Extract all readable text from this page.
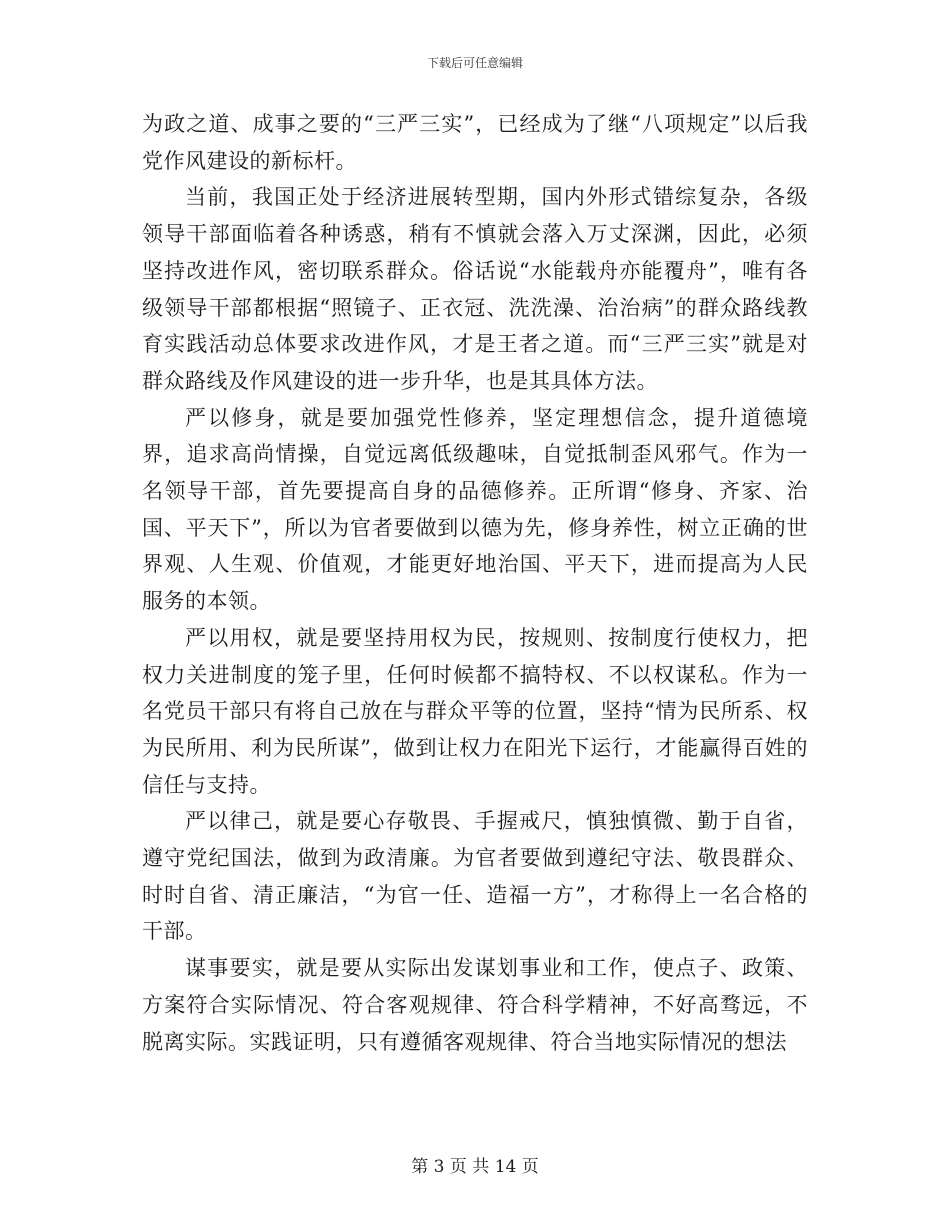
下载后可任意编辑

为政之道、成事之要的“三严三实”，已经成为了继“八项规定”以后我党作风建设的新标杆。

当前，我国正处于经济进展转型期，国内外形式错综复杂，各级领导干部面临着各种诱惑，稍有不慎就会落入万丈深渊，因此，必须坚持改进作风，密切联系群众。俗话说“水能载舟亦能覆舟”，唯有各级领导干部都根据“照镜子、正衣冠、洗洗澡、治治病”的群众路线教育实践活动总体要求改进作风，才是王者之道。而“三严三实”就是对群众路线及作风建设的进一步升华，也是其具体方法。

严以修身，就是要加强党性修养，坚定理想信念，提升道德境界，追求高尚情操，自觉远离低级趣味，自觉抵制歪风邪气。作为一名领导干部，首先要提高自身的品德修养。正所谓“修身、齐家、治国、平天下”，所以为官者要做到以德为先，修身养性，树立正确的世界观、人生观、价值观，才能更好地治国、平天下，进而提高为人民服务的本领。

严以用权，就是要坚持用权为民，按规则、按制度行使权力，把权力关进制度的笼子里，任何时候都不搞特权、不以权谋私。作为一名党员干部只有将自己放在与群众平等的位置，坚持“情为民所系、权为民所用、利为民所谋”，做到让权力在阳光下运行，才能赢得百姓的信任与支持。

严以律己，就是要心存敬畏、手握戒尺，慎独慎微、勤于自省，遵守党纪国法，做到为政清廉。为官者要做到遵纪守法、敬畏群众、时时自省、清正廉洁，“为官一任、造福一方”，才称得上一名合格的干部。

谋事要实，就是要从实际出发谋划事业和工作，使点子、政策、方案符合实际情况、符合客观规律、符合科学精神，不好高骛远，不脱离实际。实践证明，只有遵循客观规律、符合当地实际情况的想法

第 3 页 共 14 页
